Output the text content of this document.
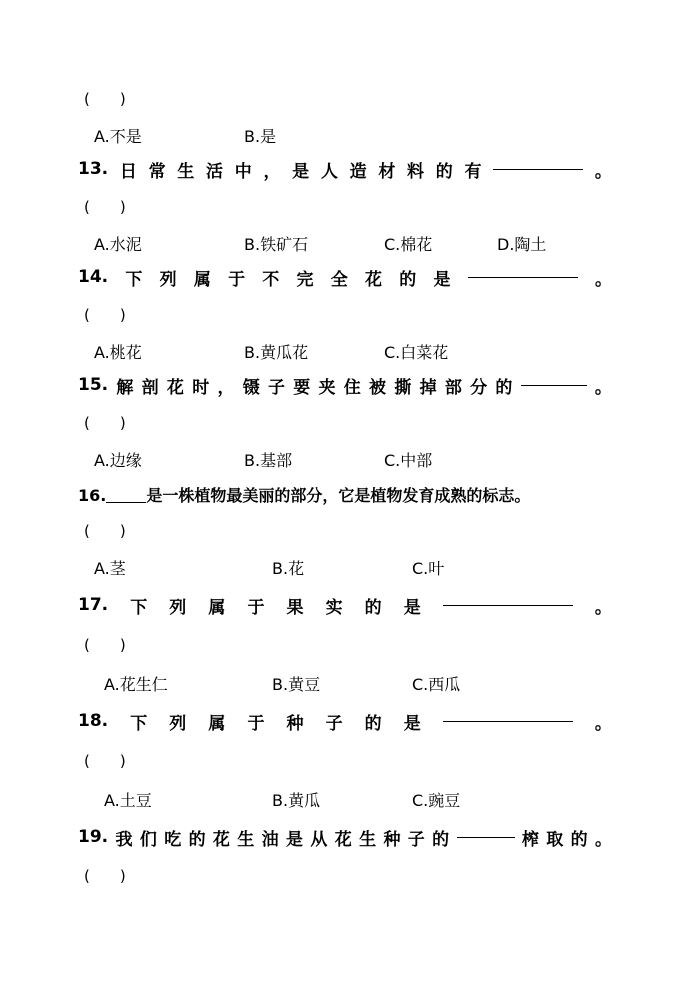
(　　)
A.不是	B.是
13. 日 常 生 活 中 ， 是 人 造 材 料 的 有	。
(　　)
A.水泥	B.铁矿石	C.棉花	D.陶土
14. 下 列 属 于 不 完 全 花 的 是	。
(　　)
A.桃花	B.黄瓜花	C.白菜花
15. 解 剖 花 时 ， 镊 子 要 夹 住 被 撕 掉 部 分 的	。
(　　)
A.边缘	B.基部	C.中部
16.	是一株植物最美丽的部分，它是植物发育成熟的标志。
(　　)
A.茎	B.花	C.叶
17. 下 列 属 于 果 实 的 是	。
(　　)
A.花生仁	B.黄豆	C.西瓜
18. 下 列 属 于 种 子 的 是	。
(　　)
A.土豆	B.黄瓜	C.豌豆
19. 我 们 吃 的 花 生 油 是 从 花 生 种 子 的	榨 取 的 。
(　　)
